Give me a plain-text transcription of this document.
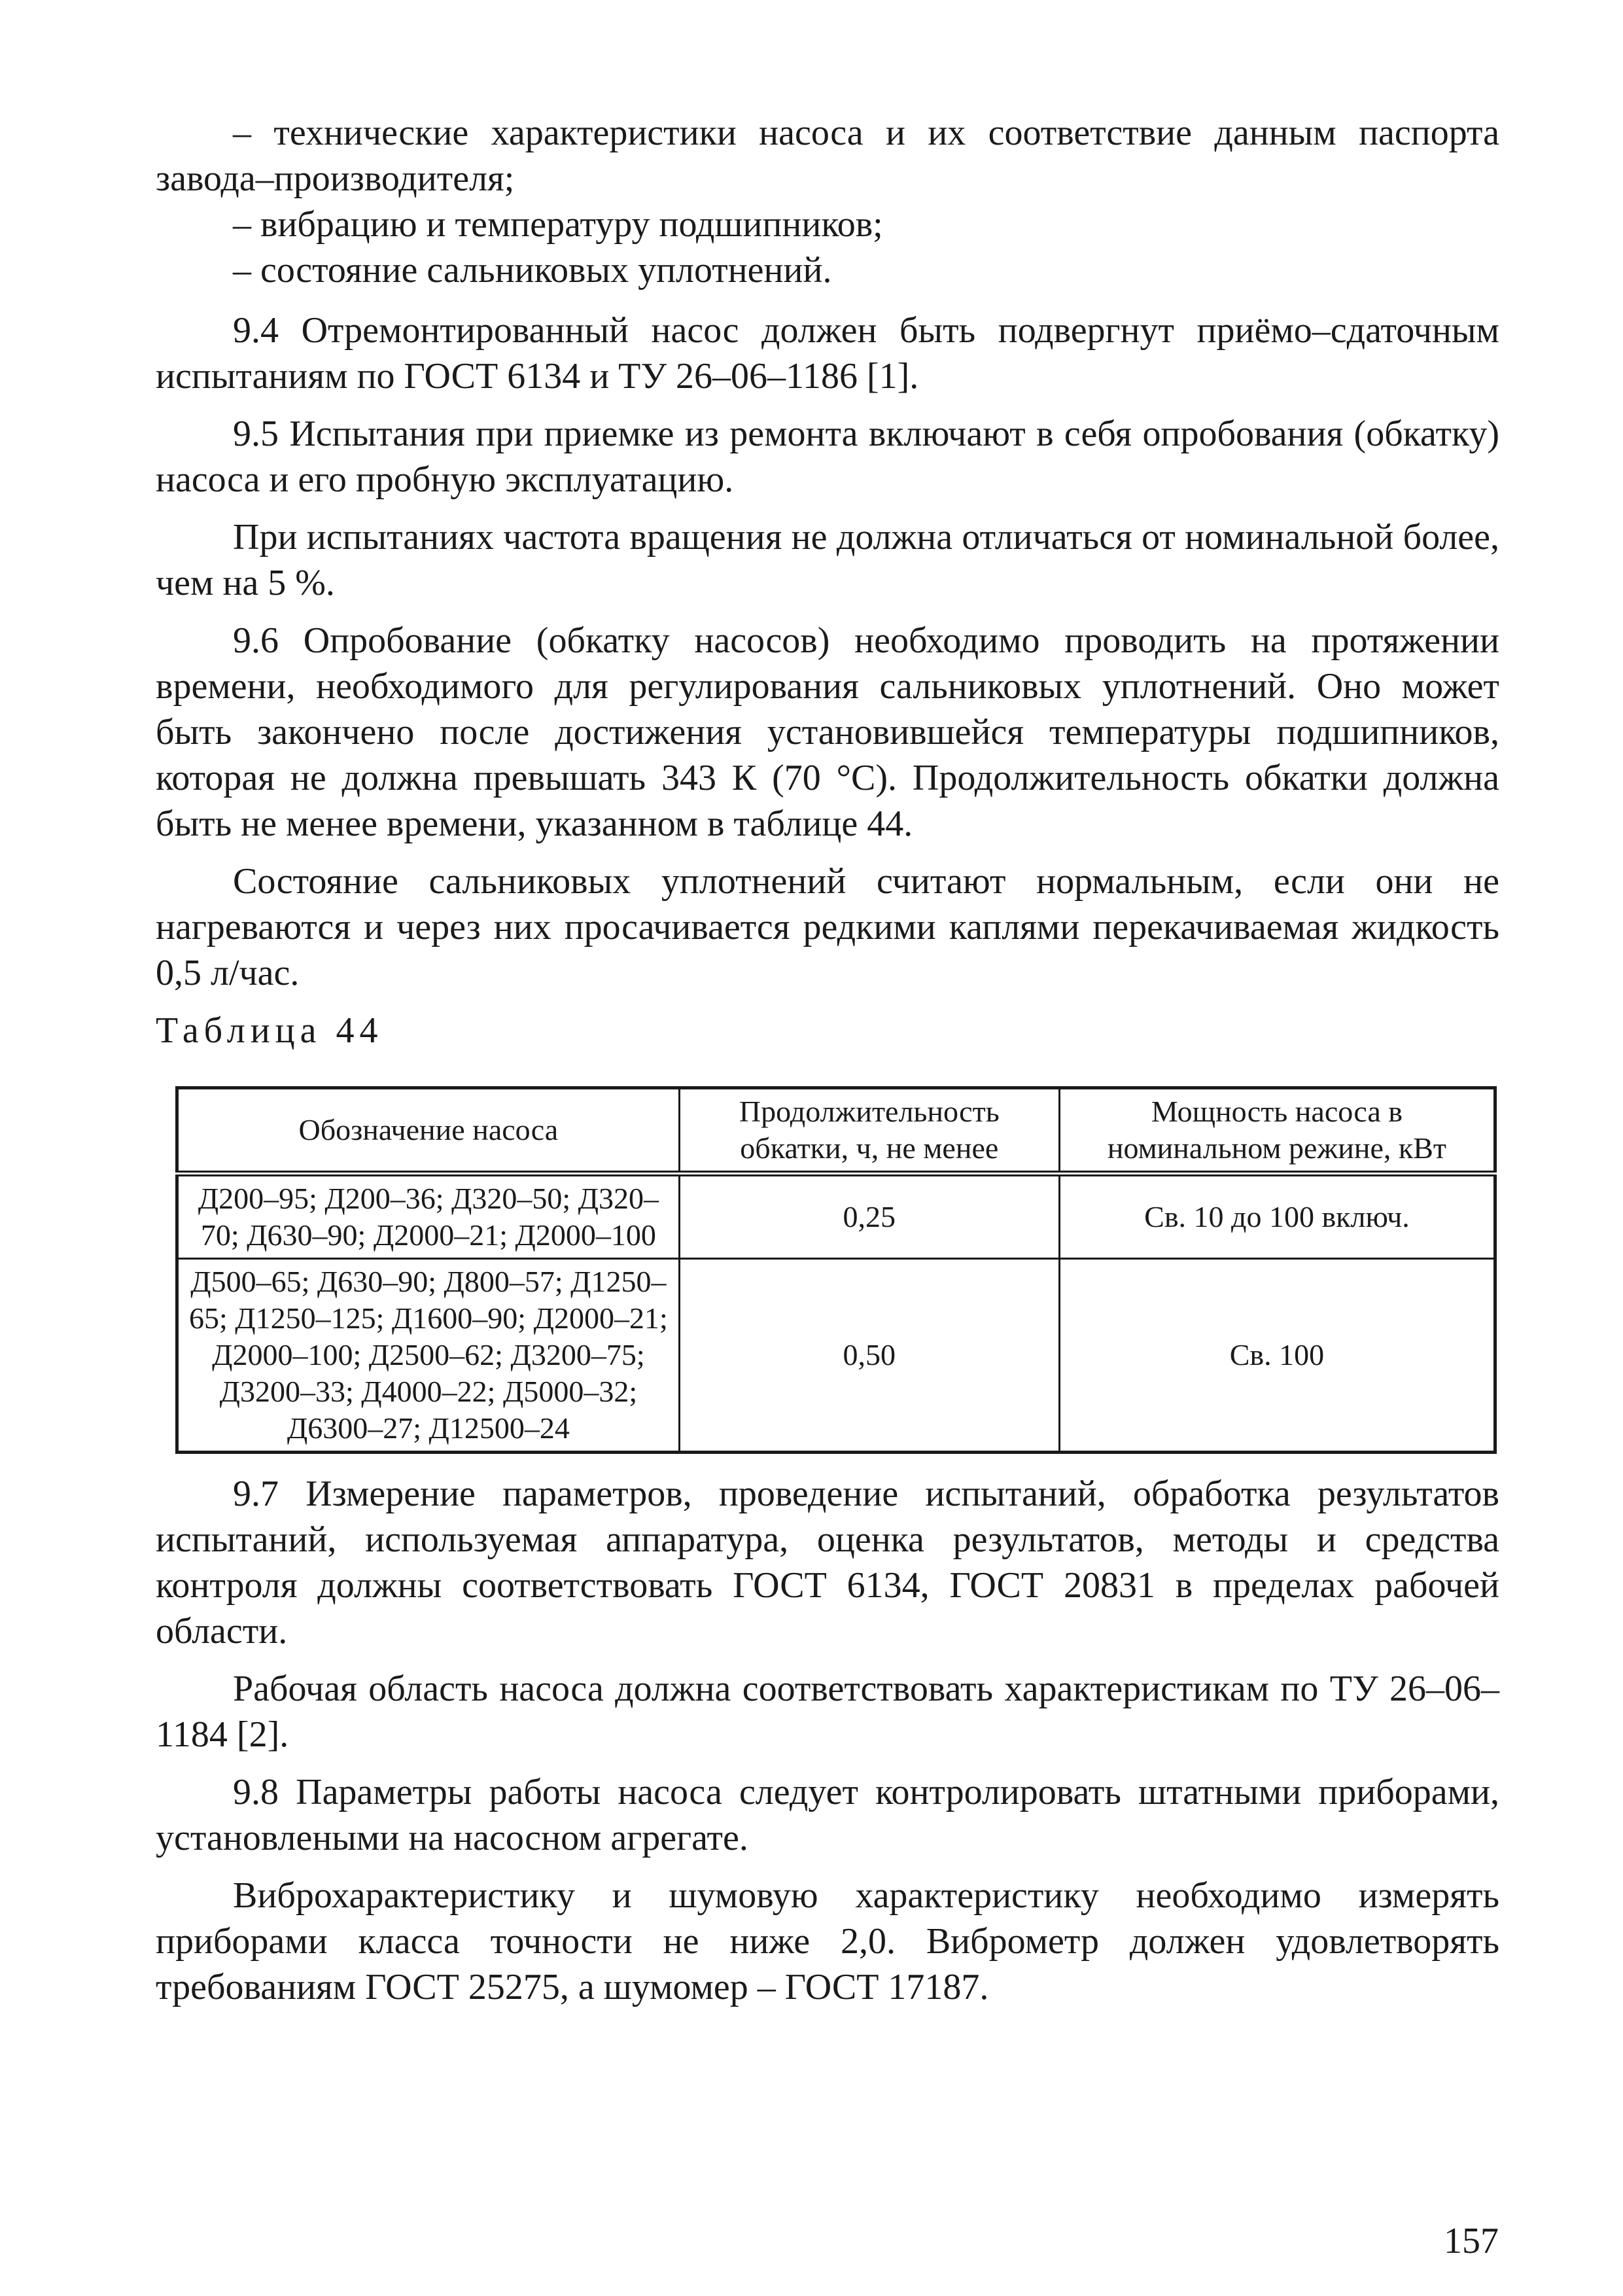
– технические характеристики насоса и их соответствие данным паспорта завода–производителя;

– вибрацию и температуру подшипников;

– состояние сальниковых уплотнений.

9.4 Отремонтированный насос должен быть подвергнут приёмо–сдаточным испытаниям по ГОСТ 6134 и ТУ 26–06–1186 [1].

9.5 Испытания при приемке из ремонта включают в себя опробования (обкатку) насоса и его пробную эксплуатацию.

При испытаниях частота вращения не должна отличаться от номинальной более, чем на 5 %.

9.6 Опробование (обкатку насосов) необходимо проводить на протяжении времени, необходимого для регулирования сальниковых уплотнений. Оно может быть закончено после достижения установившейся температуры подшипников, которая не должна превышать 343 К (70 °С). Продолжительность обкатки должна быть не менее времени, указанном в таблице 44.

Состояние сальниковых уплотнений считают нормальным, если они не нагреваются и через них просачивается редкими каплями перекачиваемая жидкость 0,5 л/час.

Таблица 44

Обозначение насоса	Продолжительность обкатки, ч, не менее	Мощность насоса в номинальном режине, кВт
Д200–95; Д200–36; Д320–50; Д320–70; Д630–90; Д2000–21; Д2000–100	0,25	Св. 10 до 100 включ.
Д500–65; Д630–90; Д800–57; Д1250–65; Д1250–125; Д1600–90; Д2000–21; Д2000–100; Д2500–62; Д3200–75; Д3200–33; Д4000–22; Д5000–32; Д6300–27; Д12500–24	0,50	Св. 100

9.7 Измерение параметров, проведение испытаний, обработка результатов испытаний, используемая аппаратура, оценка результатов, методы и средства контроля должны соответствовать ГОСТ 6134, ГОСТ 20831 в пределах рабочей области.

Рабочая область насоса должна соответствовать характеристикам по ТУ 26–06–1184 [2].

9.8 Параметры работы насоса следует контролировать штатными приборами, установлеными на насосном агрегате.

Виброхарактеристику и шумовую характеристику необходимо измерять приборами класса точности не ниже 2,0. Виброметр должен удовлетворять требованиям ГОСТ 25275, а шумомер – ГОСТ 17187.

157
